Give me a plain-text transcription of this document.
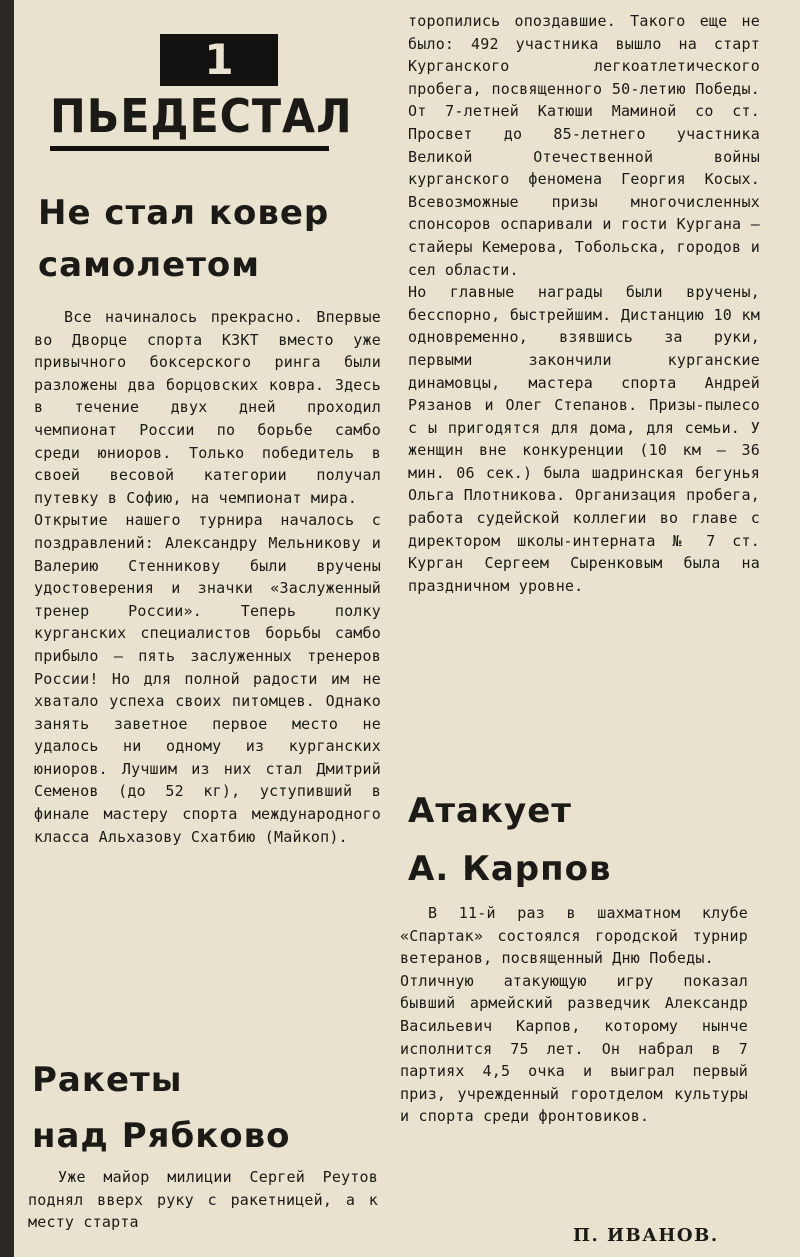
1
ПЬЕДЕСТАЛ
Не стал ковер
самолетом

Все начиналось прекрасно. Впервые во Дворце спорта КЗКТ вместо уже привычного боксерского ринга были разложены два борцовских ковра. Здесь в течение двух дней проходил чемпионат России по борьбе самбо среди юниоров. Только победитель в своей весовой категории получал путевку в Софию, на чемпионат мира.
Открытие нашего турнира началось с поздравлений: Александру Мельникову и Валерию Стенникову были вручены удостоверения и значки «Заслуженный тренер России». Теперь полку курганских специалистов борьбы самбо прибыло — пять заслуженных тренеров России! Но для полной радости им не хватало успеха своих питомцев. Однако занять заветное первое место не удалось ни одному из курганских юниоров. Лучшим из них стал Дмитрий Семенов (до 52 кг), уступивший в финале мастеру спорта международного класса Альхазову Схатбию (Майкоп).

Ракеты
над Рябково

Уже майор милиции Сергей Реутов поднял вверх руку с ракетницей, а к месту старта

торопились опоздавшие. Такого еще не было: 492 участника вышло на старт Курганского легкоатлетического пробега, посвященного 50-летию Победы. От 7-летней Катюши Маминой со ст. Просвет до 85-летнего участника Великой Отечественной войны курганского феномена Георгия Косых. Всевозможные призы многочисленных спонсоров оспаривали и гости Кургана — стайеры Кемерова, Тобольска, городов и сел области.
Но главные награды были вручены, бесспорно, быстрейшим. Дистанцию 10 км одновременно, взявшись за руки, первыми закончили курганские динамовцы, мастера спорта Андрей Рязанов и Олег Степанов. Призы-пылесо с ы пригодятся для дома, для семьи. У женщин вне конкуренции (10 км — 36 мин. 06 сек.) была шадринская бегунья Ольга Плотникова. Организация пробега, работа судейской коллегии во главе с директором школы-интерната № 7 ст. Курган Сергеем Сыренковым была на праздничном уровне.

Атакует
А. Карпов

В 11-й раз в шахматном клубе «Спартак» состоялся городской турнир ветеранов, посвященный Дню Победы.
Отличную атакующую игру показал бывший армейский разведчик Александр Васильевич Карпов, которому нынче исполнится 75 лет. Он набрал в 7 партиях 4,5 очка и выиграл первый приз, учрежденный горотделом культуры и спорта среди фронтовиков.

П. ИВАНОВ.
